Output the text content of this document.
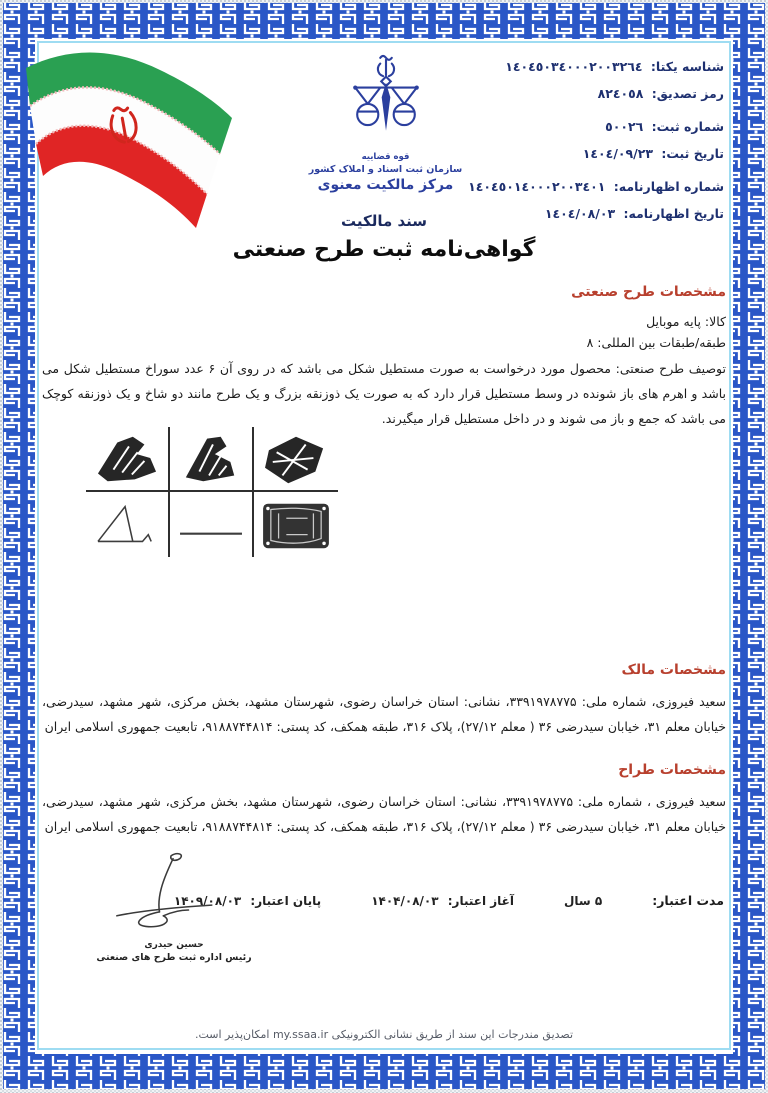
قوه قضاییه
سازمان ثبت اسناد و املاک کشور
مرکز مالکیت معنوی
شناسه یکتا: ١٤٠٤٥٠٣٤٠٠٠٢٠٠٣٢٦٤
رمز تصدیق: ٨٢٤٠٥٨
شماره ثبت: ٥٠٠٢٦
تاریخ ثبت: ١٤٠٤/٠٩/٢٣
شماره اظهارنامه: ١٤٠٤٥٠١٤٠٠٠٢٠٠٣٤٠١
تاریخ اظهارنامه: ١٤٠٤/٠٨/٠٣
سند مالکیت
گواهی‌نامه ثبت طرح صنعتی
مشخصات طرح صنعتی
کالا: پایه موبایل
طبقه/طبقات بین المللی: ۸
توصیف طرح صنعتی: محصول مورد درخواست به صورت مستطیل شکل می باشد که در روی آن ۶ عدد سوراخ مستطیل شکل می باشد و اهرم های باز شونده در وسط مستطیل قرار دارد که به صورت یک ذوزنقه بزرگ و یک طرح مانند دو شاخ و یک ذوزنقه کوچک می باشد که جمع و باز می شوند و در داخل مستطیل قرار میگیرند.
مشخصات مالک
سعید فیروزی، شماره ملی: ۳۳۹۱۹۷۸۷۷۵، نشانی: استان خراسان رضوی، شهرستان مشهد، بخش مرکزی، شهر مشهد، سیدرضی، خیابان معلم ۳۱، خیابان سیدرضی ۳۶ ( معلم ۲۷/۱۲)، پلاک ۳۱۶، طبقه همکف، کد پستی: ۹۱۸۸۷۴۴۸۱۴، تابعیت جمهوری اسلامی ایران
مشخصات طراح
سعید فیروزی ، شماره ملی: ۳۳۹۱۹۷۸۷۷۵، نشانی: استان خراسان رضوی، شهرستان مشهد، بخش مرکزی، شهر مشهد، سیدرضی، خیابان معلم ۳۱، خیابان سیدرضی ۳۶ ( معلم ۲۷/۱۲)، پلاک ۳۱۶، طبقه همکف، کد پستی: ۹۱۸۸۷۴۴۸۱۴، تابعیت جمهوری اسلامی ایران
مدت اعتبار:
۵ سال
آغاز اعتبار: ۱۴۰۴/۰۸/۰۳
پایان اعتبار: ۱۴۰۹/۰۸/۰۳
حسین حیدری
رئیس اداره ثبت طرح های صنعتی
تصدیق مندرجات این سند از طریق نشانی الکترونیکی my.ssaa.ir امکان‌پذیر است.
